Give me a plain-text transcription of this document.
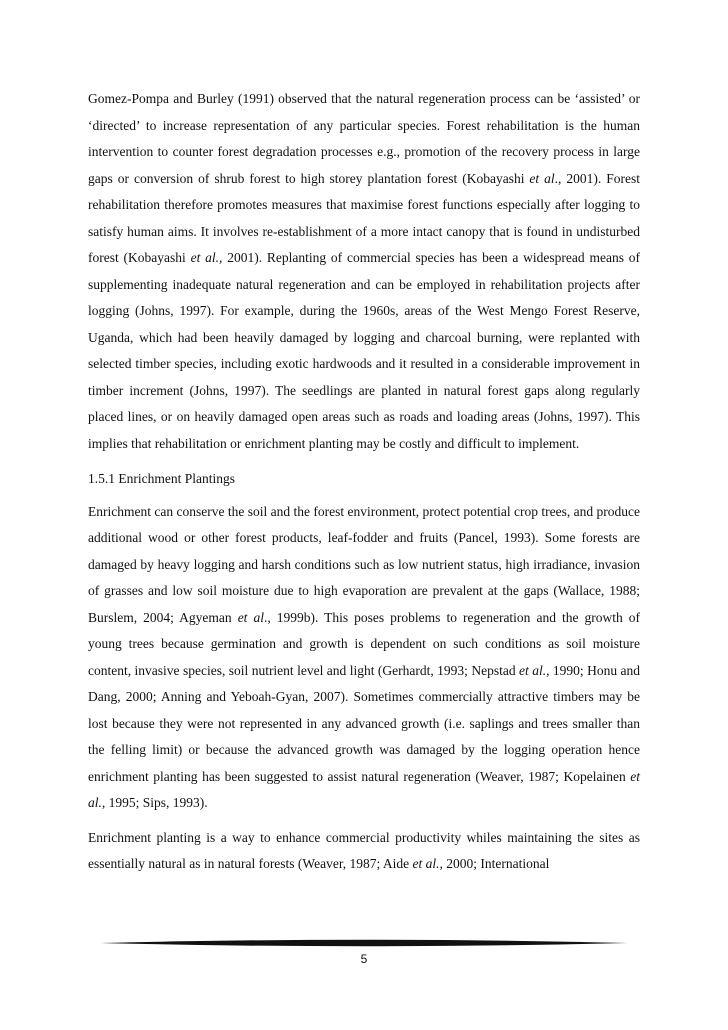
Gomez-Pompa and Burley (1991) observed that the natural regeneration process can be ‘assisted’ or ‘directed’ to increase representation of any particular species. Forest rehabilitation is the human intervention to counter forest degradation processes e.g., promotion of the recovery process in large gaps or conversion of shrub forest to high storey plantation forest (Kobayashi et al., 2001). Forest rehabilitation therefore promotes measures that maximise forest functions especially after logging to satisfy human aims. It involves re-establishment of a more intact canopy that is found in undisturbed forest (Kobayashi et al., 2001). Replanting of commercial species has been a widespread means of supplementing inadequate natural regeneration and can be employed in rehabilitation projects after logging (Johns, 1997). For example, during the 1960s, areas of the West Mengo Forest Reserve, Uganda, which had been heavily damaged by logging and charcoal burning, were replanted with selected timber species, including exotic hardwoods and it resulted in a considerable improvement in timber increment (Johns, 1997). The seedlings are planted in natural forest gaps along regularly placed lines, or on heavily damaged open areas such as roads and loading areas (Johns, 1997). This implies that rehabilitation or enrichment planting may be costly and difficult to implement.

1.5.1 Enrichment Plantings

Enrichment can conserve the soil and the forest environment, protect potential crop trees, and produce additional wood or other forest products, leaf-fodder and fruits (Pancel, 1993). Some forests are damaged by heavy logging and harsh conditions such as low nutrient status, high irradiance, invasion of grasses and low soil moisture due to high evaporation are prevalent at the gaps (Wallace, 1988; Burslem, 2004; Agyeman et al., 1999b). This poses problems to regeneration and the growth of young trees because germination and growth is dependent on such conditions as soil moisture content, invasive species, soil nutrient level and light (Gerhardt, 1993; Nepstad et al., 1990; Honu and Dang, 2000; Anning and Yeboah-Gyan, 2007). Sometimes commercially attractive timbers may be lost because they were not represented in any advanced growth (i.e. saplings and trees smaller than the felling limit) or because the advanced growth was damaged by the logging operation hence enrichment planting has been suggested to assist natural regeneration (Weaver, 1987; Kopelainen et al., 1995; Sips, 1993).

Enrichment planting is a way to enhance commercial productivity whiles maintaining the sites as essentially natural as in natural forests (Weaver, 1987; Aide et al., 2000; International

5
